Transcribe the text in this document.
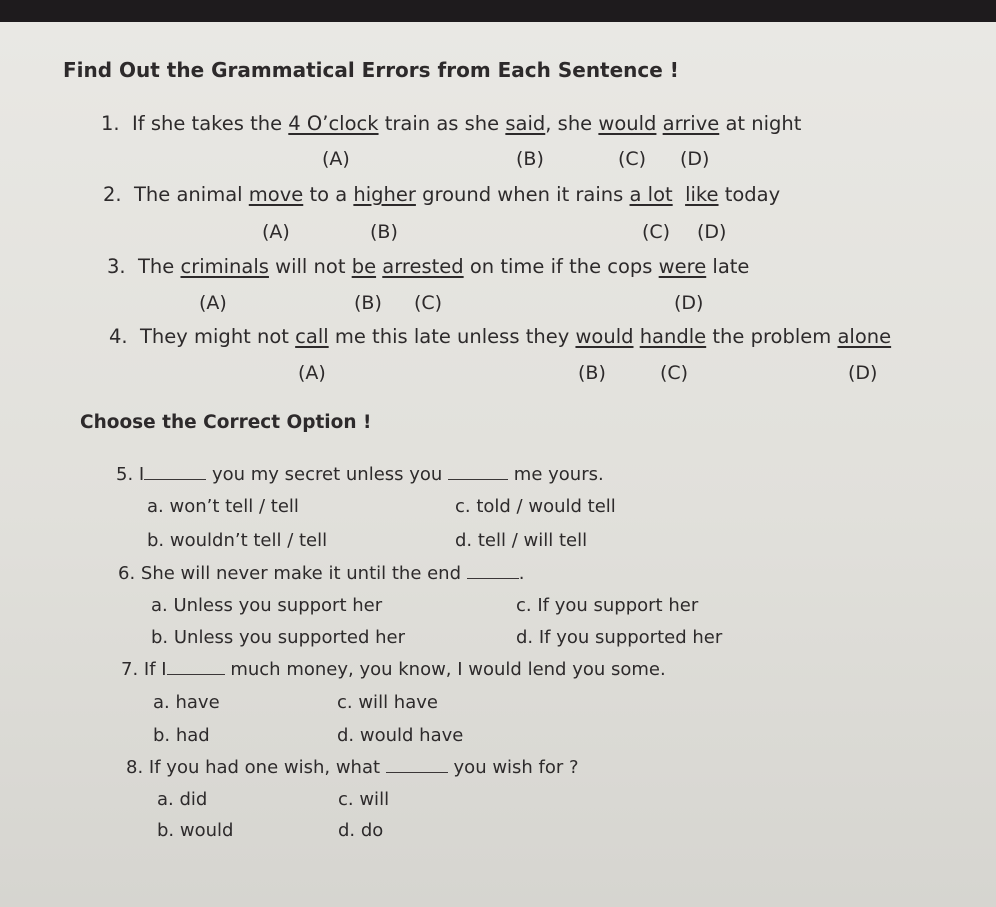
Find Out the Grammatical Errors from Each Sentence !
1. If she takes the 4 O’clock train as she said, she would arrive at night
(A)	(B)	(C) (D)
2. The animal move to a higher ground when it rains a lot like today
(A)	(B)	(C) (D)
3. The criminals will not be arrested on time if the cops were late
(A)	(B) (C)	(D)
4. They might not call me this late unless they would handle the problem alone
(A)	(B)	(C)	(D)
Choose the Correct Option !
5. I	you my secret unless you	me yours.
a. won’t tell / tell	c. told / would tell
b. wouldn’t tell / tell	d. tell / will tell
6. She will never make it until the end	.
a. Unless you support her	c. If you support her
b. Unless you supported her	d. If you supported her
7. If I	much money, you know, I would lend you some.
a. have	c. will have
b. had	d. would have
8. If you had one wish, what	you wish for ?
a. did	c. will
b. would	d. do
